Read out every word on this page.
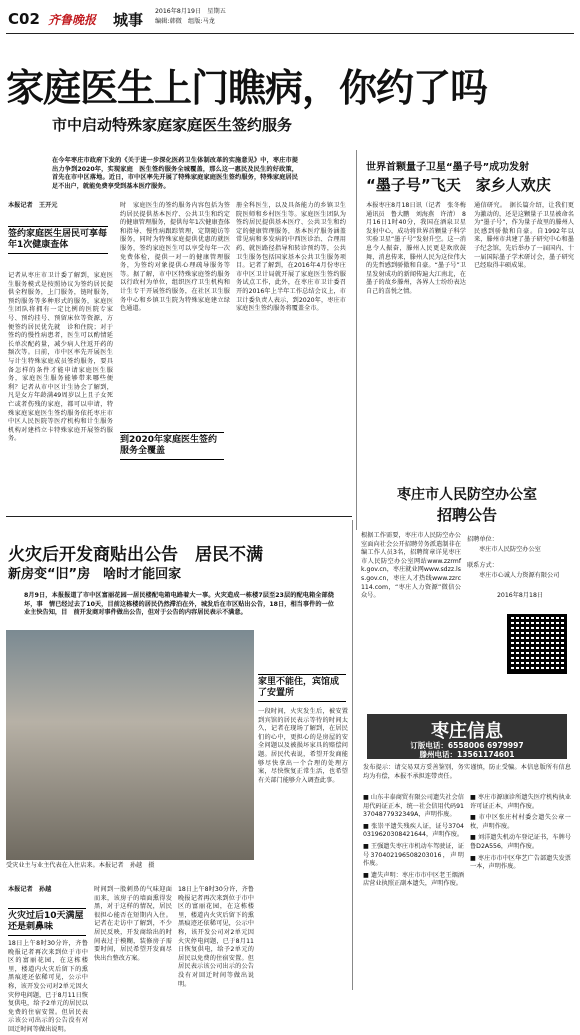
C02 齐鲁晚报 城事 2016年8月19日　星期五
编辑:韩微　组版:马龙
家庭医生上门瞧病，你约了吗
市中启动特殊家庭家庭医生签约服务
在今年枣庄市政府下发的《关于进一步深化医药卫生体制改革的实施意见》中，枣庄市提出力争到2020年，实现家庭　医生签约服务全城覆盖，那么这一惠民及民生的好政策，首先在市中区落地。近日，市中区率先开展了特殊家庭家庭医生签约服务，特殊家庭居民足不出户，就能免费享受到基本医疗服务。
本报记者　王开元
签约家庭医生居民可享每年1次健康查体
记者从枣庄市卫计委了解到，家庭医生服务模式是按照协议为签约居民提供全程服务，上门服务，链时服务，预约服务等多种形式的服务，家庭医生团队将拥有一定比例的医院专家号、预约挂号、预留床位等资源，方便签约居民优先就　诊和住院；对于签约的慢性病患者，医生可以酌情延长单次配药量，减少病人往返开药的频次等。日前，市中区率先开展医生与计生特殊家庭成员签约服务，要具备怎样的条件才能申请家庭医生服务，家庭医生服务能够带来哪些便利？记者从市中区计生协会了解到，凡是女方年龄满49周岁以上且子女死亡或者伤残的家庭，都可以申请，特殊家庭家庭医生签约服务依托枣庄市中区人民医院等医疗机构和计生服务机构对建档立卡特殊家庭开展签约服务。
时　家庭医生的签约服务内容包括为签约居民提供基本医疗、公共卫生和约定的健康管理服务，提供每年1次健康查体和指导、慢性病跟踪管理，定期随访等服务，同时为特殊家庭提供优惠的就医服务，签约家庭医生可以享受每年一次免费体检，提供一对一的健康管理服务，为签约对象提供心理疏导服务等等。据了解，市中区特殊家庭签约服务以行政村为单位，组织医疗卫生机构和计生专干开展签约服务，在社区卫生服务中心和乡镇卫生院为特殊家庭建立绿色通道。
到2020年家庭医生签约服务全覆盖
册全科医生，以及具备能力的乡镇卫生院医师和乡村医生等。家庭医生团队为签约居民提供基本医疗、公共卫生和约定的健康管理服务，基本医疗服务涵盖常见病和多发病的中西医诊治、合理用药、就医路径指导和转诊预约等，公共卫生服务包括国家基本公共卫生服务项目。记者了解到，在2016年4月份枣庄市中区卫计局就开展了家庭医生签约服务试点工作，此外，在枣庄市卫计委召开的2016年上半年工作总结会议上，市卫计委负责人表示，到2020年，枣庄市家庭医生签约服务将覆盖全市。
世界首颗量子卫星“墨子号”成功发射
“墨子号”飞天　家乡人欢庆
本报枣庄8月18日讯（记者　张冬梅　通讯员　鲁大鹏　刘海燕　许清）　8月16日1时40分，我国在酒泉卫星发射中心，成功将世界首颗量子科学实验卫星“墨子号”发射升空。这一消息令人振奋，滕州人民更是欢欣鼓舞，消息传来，滕州人民为这位伟大的先哲感到骄傲和自豪。“墨子号”卫星发射成功的新闻传遍大江南北，在墨子的故乡滕州，各界人士纷纷表达自己的喜悦之情。
通信研究。　据长篇介绍，让我们更为激动的，还是这颗量子卫星被命名为“墨子号”，作为量子故里的滕州人民感到骄傲和自豪。自1992年以来，滕州市共建了墨子研究中心和墨子纪念馆，先后举办了一届国内、十一届国际墨子学术研讨会，墨子研究已经取得丰硕成果。
枣庄市人民防空办公室
招聘公告
根据工作需要，枣庄市人民防空办公室面向社会公开招聘劳务派遣制非在编工作人员3名，招聘简章详见枣庄市人民防空办公室网站www.zzrmfk.gov.cn，枣庄就业网www.sdzz.lss.gov.cn，枣庄人才热线www.zzrc114.com，“枣庄人力资源”微信公众号。
招聘单位：
枣庄市人民防空办公室
联系方式：
枣庄市心诚人力资源有限公司
2016年8月18日
枣庄信息
订版电话：6558006 6979997
滕州电话：13561174601
发布提示：请交易双方妥善鉴别，务实谨慎，防止受骗。本信息版所有信息均为有偿，本报不承担连带责任。
■ 山东丰泰商贸有限公司遗失社会信用代码证正本，统一社会信用代码913704877932349A，声明作废。
■ 张崇平遗失残疾人证，证号37040319620308421644，声明作废。
■ 王强遗失枣庄市机动车驾驶证，证号370402196508203016，声明作废。
■ 遗失声明：枣庄市市中区老王烟酒店营业执照正副本遗失，声明作废。
■ 枣庄市源康诊所遗失医疗机构执业许可证正本，声明作废。
■ 市中区张庄村村委会遗失公章一枚，声明作废。
■ 刘洋遗失机动车登记证书，车牌号鲁D2A556，声明作废。
■ 枣庄市市中区华艺广告部遗失发票一本，声明作废。
火灾后开发商贴出公告　居民不满
新房变“旧”房　啥时才能回家
8月9日，本报报道了市中区富丽花园一居民楼配电箱电路着大一事。火灾造成一栋楼7层至23层的配电箱全部烧坏，事　情已经过去了10天，目前这栋楼的居民仍然滞泊在外，城发后在市区贴出公告，18日，相当事件的一位业主快告知，目　前开发商对事件做出公告，但对于公告的内容居民表示不满意。
受灾业主与业主代表在入住店来。本报记者　孙越　摄
家里不能住，宾馆成了安置所
一段时间，火灾发生后，被安置到宾馆的居民表示等待的时间太久，记者在现场了解到，在居民们的心中，更担心的是房屋的安全问题以及被损坏家具的赔偿问题。居民代表说，希望开发商能够尽快拿出一个合理的处理方案，尽快恢复正常生活，也希望有关部门能够介入调查此事。
本报记者　孙越
火灾过后10天满屋还是刺鼻味
18日上午8时30分许，齐鲁晚报记者再次来到位于市中区的富丽花园，在这栋楼里，楼道内火灾后留下的熏黑痕迹还依稀可见，公示中称，该开发公司对2单元因火灾停电问题，已于8月11日恢复供电，给予2单元的居民以免费的住宿安置。但居民表示该公司出示的公告没有对回迁时间等做出说明。
时间到一股刺鼻的气味迎面而来，该房子的墙面熏得发黑，对于这样的情况，居民很担心能否在短期内入住。记者在走访中了解到，不少居民反映，开发商给出的时间表过于模糊，装修房子需要时间，居民希望开发商尽快出台整改方案。
18日上午8时30分许，齐鲁晚报记者再次来到位于市中区的富丽花园，在这栋楼里，楼道内火灾后留下的熏黑痕迹还依稀可见，公示中称，该开发公司对2单元因火灾停电问题，已于8月11日恢复供电，给予2单元的居民以免费的住宿安置。但居民表示该公司出示的公告没有对回迁时间等做出说明。
